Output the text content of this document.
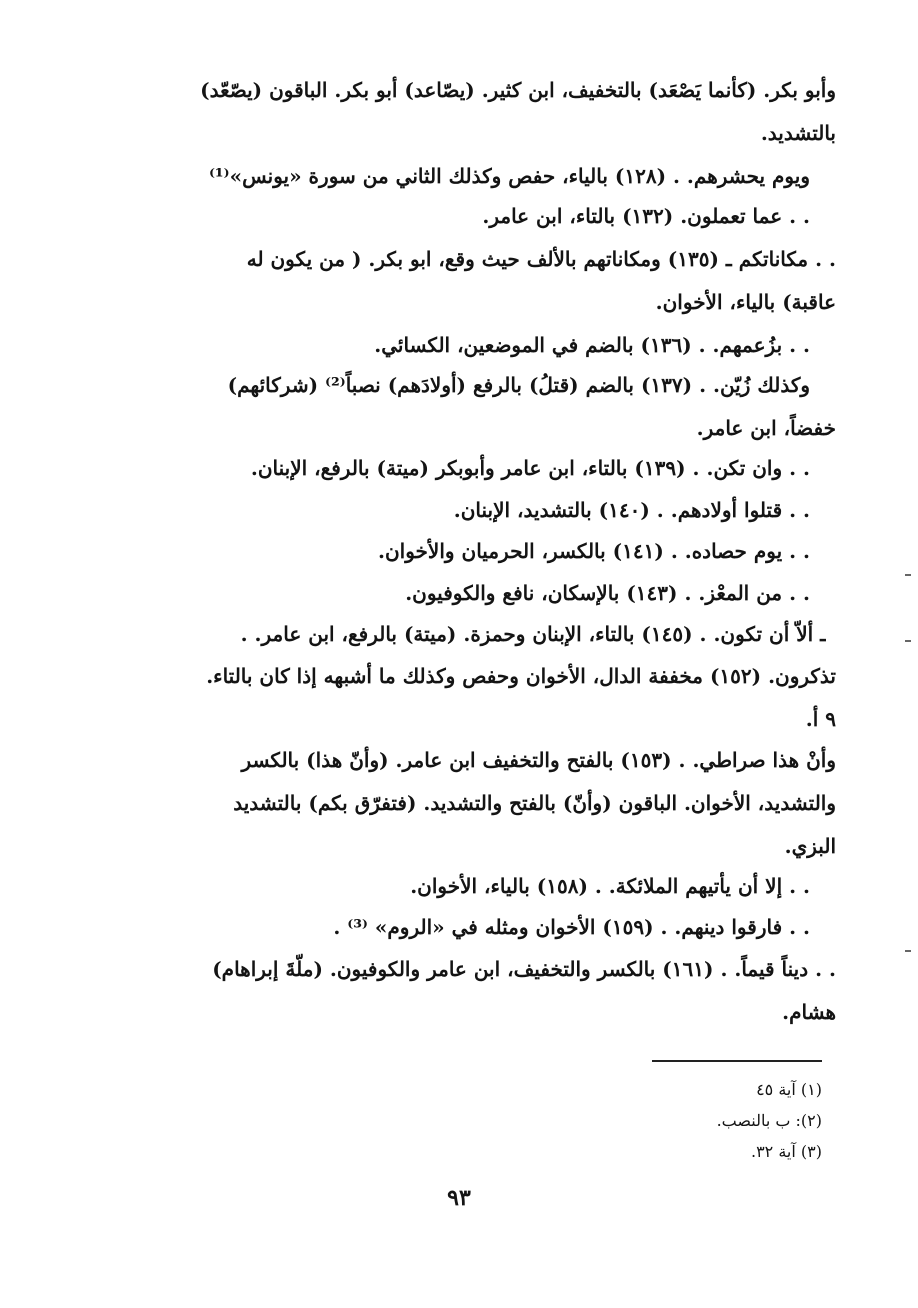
وأبو بكر. (كأنما يَصْعَد) بالتخفيف، ابن كثير. (يصّاعد) أبو بكر. الباقون (يصّعّد)
بالتشديد.
ويوم يحشرهم. . (١٢٨) بالياء، حفص وكذلك الثاني من سورة «يونس»⁽¹⁾
. . عما تعملون. (١٣٢) بالتاء، ابن عامر.
. . مكاناتكم ـ (١٣٥) ومكاناتهم بالألف حيث وقع، ابو بكر. ( من يكون له
عاقبة) بالياء، الأخوان.
. . بزُعمهم. . (١٣٦) بالضم في الموضعين، الكسائي.
وكذلك زُيّن. . (١٣٧) بالضم (قتلُ) بالرفع (أولادَهم) نصباً⁽²⁾ (شركائهم)
خفضاً، ابن عامر.
. . وان تكن. . (١٣٩) بالتاء، ابن عامر وأبوبكر (ميتة) بالرفع، الإبنان.
. . قتلوا أولادهم. . (١٤٠) بالتشديد، الإبنان.
. . يوم حصاده. . (١٤١) بالكسر، الحرميان والأخوان.
. . من المعْز. . (١٤٣) بالإسكان، نافع والكوفيون.
ـ ألاّ أن تكون. . (١٤٥) بالتاء، الإبنان وحمزة. (ميتة) بالرفع، ابن عامر. .
تذكرون. (١٥٢) مخففة الدال، الأخوان وحفص وكذلك ما أشبهه إذا كان بالتاء.
٩ أ.
وأنْ هذا صراطي. . (١٥٣) بالفتح والتخفيف ابن عامر. (وأنّ هذا) بالكسر
والتشديد، الأخوان. الباقون (وأنّ) بالفتح والتشديد. (فتفرّق بكم) بالتشديد
البزي.
. . إلا أن يأتيهم الملائكة. . (١٥٨) بالياء، الأخوان.
. . فارقوا دينهم. . (١٥٩) الأخوان ومثله في «الروم» ⁽³⁾ .
. . ديناً قيماً. . (١٦١) بالكسر والتخفيف، ابن عامر والكوفيون. (ملّةَ إبراهام)
هشام.
(١) آية ٤٥
(٢): ب بالنصب.
(٣) آية ٣٢.
٩٣
